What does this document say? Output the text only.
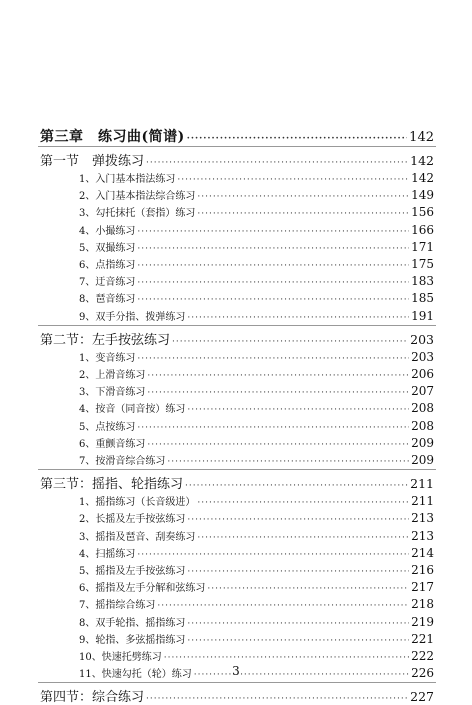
第三章　练习曲(简谱) ·····	142
第一节　弹拨练习 ·····	142
1、入门基本指法练习 ·····	142
2、入门基本指法综合练习 ·····	149
3、勾托抹托（套指）练习 ·····	156
4、小撮练习 ·····	166
5、双撮练习 ·····	171
6、点指练习 ·····	175
7、迂音练习 ·····	183
8、琶音练习 ·····	185
9、双手分指、拨弹练习 ·····	191
第二节：左手按弦练习 ·····	203
1、变音练习 ·····	203
2、上滑音练习 ·····	206
3、下滑音练习 ·····	207
4、按音（同音按）练习 ·····	208
5、点按练习 ·····	208
6、重颤音练习 ·····	209
7、按滑音综合练习 ·····	209
第三节：摇指、轮指练习 ·····	211
1、摇指练习（长音级进） ·····	211
2、长摇及左手按弦练习 ·····	213
3、摇指及琶音、刮奏练习 ·····	213
4、扫摇练习 ·····	214
5、摇指及左手按弦练习 ·····	216
6、摇指及左手分解和弦练习 ·····	217
7、摇指综合练习 ·····	218
8、双手轮指、摇指练习 ·····	219
9、轮指、多弦摇指练习 ·····	221
10、快速托劈练习 ·····	222
11、快速勾托（轮）练习 ·····	226
第四节：综合练习 ·····	227
3
